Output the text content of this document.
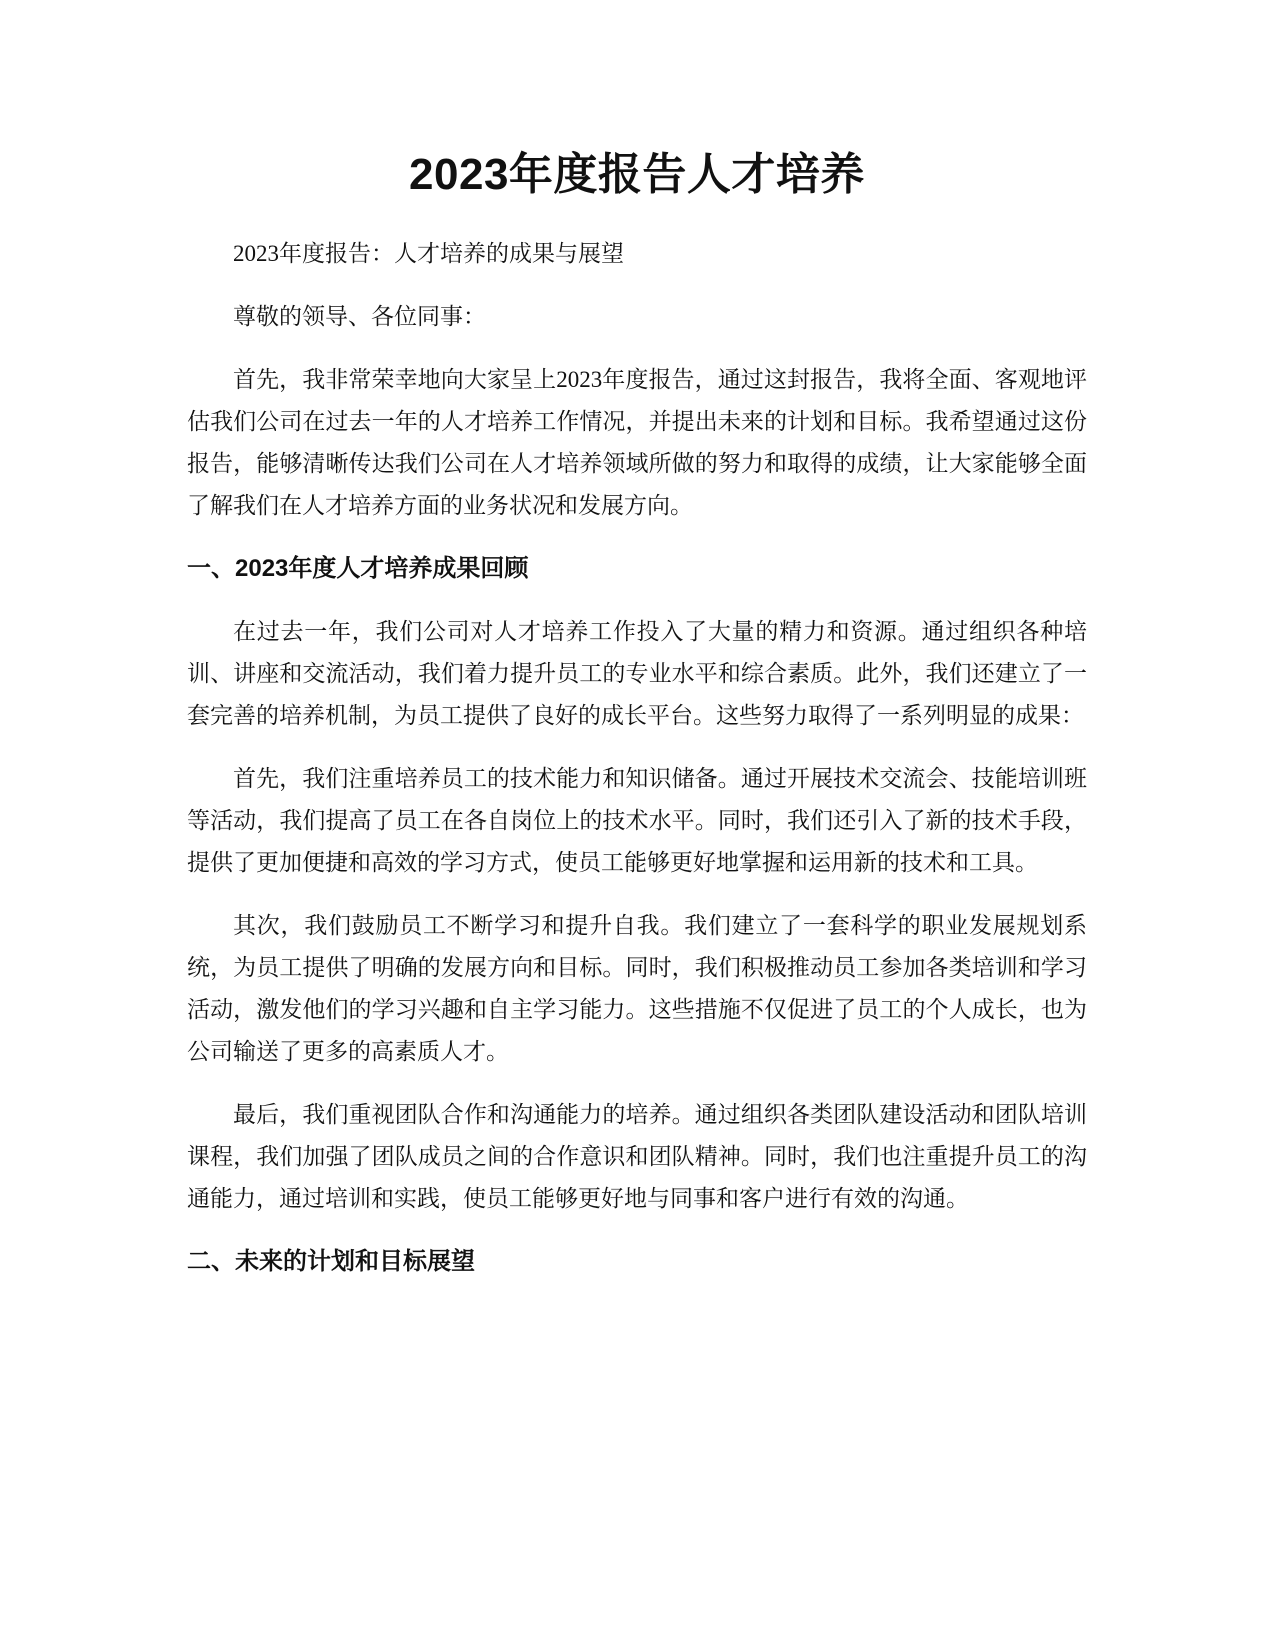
2023年度报告人才培养

2023年度报告：人才培养的成果与展望

尊敬的领导、各位同事：

首先，我非常荣幸地向大家呈上2023年度报告，通过这封报告，我将全面、客观地评估我们公司在过去一年的人才培养工作情况，并提出未来的计划和目标。我希望通过这份报告，能够清晰传达我们公司在人才培养领域所做的努力和取得的成绩，让大家能够全面了解我们在人才培养方面的业务状况和发展方向。

一、2023年度人才培养成果回顾

在过去一年，我们公司对人才培养工作投入了大量的精力和资源。通过组织各种培训、讲座和交流活动，我们着力提升员工的专业水平和综合素质。此外，我们还建立了一套完善的培养机制，为员工提供了良好的成长平台。这些努力取得了一系列明显的成果：

首先，我们注重培养员工的技术能力和知识储备。通过开展技术交流会、技能培训班等活动，我们提高了员工在各自岗位上的技术水平。同时，我们还引入了新的技术手段，提供了更加便捷和高效的学习方式，使员工能够更好地掌握和运用新的技术和工具。

其次，我们鼓励员工不断学习和提升自我。我们建立了一套科学的职业发展规划系统，为员工提供了明确的发展方向和目标。同时，我们积极推动员工参加各类培训和学习活动，激发他们的学习兴趣和自主学习能力。这些措施不仅促进了员工的个人成长，也为公司输送了更多的高素质人才。

最后，我们重视团队合作和沟通能力的培养。通过组织各类团队建设活动和团队培训课程，我们加强了团队成员之间的合作意识和团队精神。同时，我们也注重提升员工的沟通能力，通过培训和实践，使员工能够更好地与同事和客户进行有效的沟通。

二、未来的计划和目标展望
